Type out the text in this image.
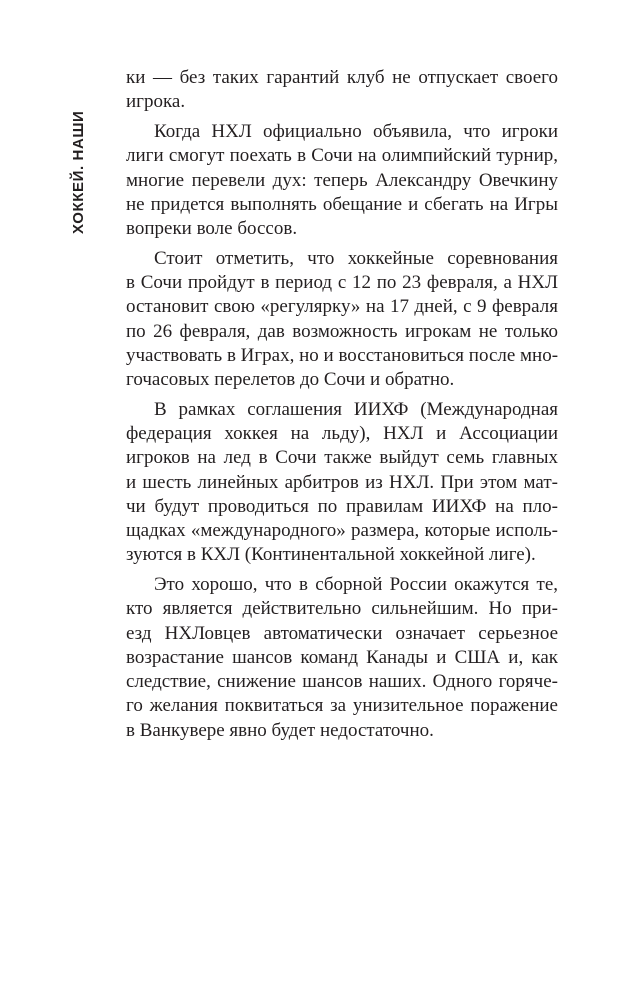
ХОККЕЙ. НАШИ

ки — без таких гарантий клуб не отпускает своего
игрока.

Когда НХЛ официально объявила, что игроки
лиги смогут поехать в Сочи на олимпийский турнир,
многие перевели дух: теперь Александру Овечкину
не придется выполнять обещание и сбегать на Игры
вопреки воле боссов.

Стоит отметить, что хоккейные соревнования
в Сочи пройдут в период с 12 по 23 февраля, а НХЛ
остановит свою «регулярку» на 17 дней, с 9 февраля
по 26 февраля, дав возможность игрокам не только
участвовать в Играх, но и восстановиться после мно-
гочасовых перелетов до Сочи и обратно.

В рамках соглашения ИИХФ (Международная
федерация хоккея на льду), НХЛ и Ассоциации
игроков на лед в Сочи также выйдут семь главных
и шесть линейных арбитров из НХЛ. При этом мат-
чи будут проводиться по правилам ИИХФ на пло-
щадках «международного» размера, которые исполь-
зуются в КХЛ (Континентальной хоккейной лиге).

Это хорошо, что в сборной России окажутся те,
кто является действительно сильнейшим. Но при-
езд НХЛовцев автоматически означает серьезное
возрастание шансов команд Канады и США и, как
следствие, снижение шансов наших. Одного горяче-
го желания поквитаться за унизительное поражение
в Ванкувере явно будет недостаточно.
